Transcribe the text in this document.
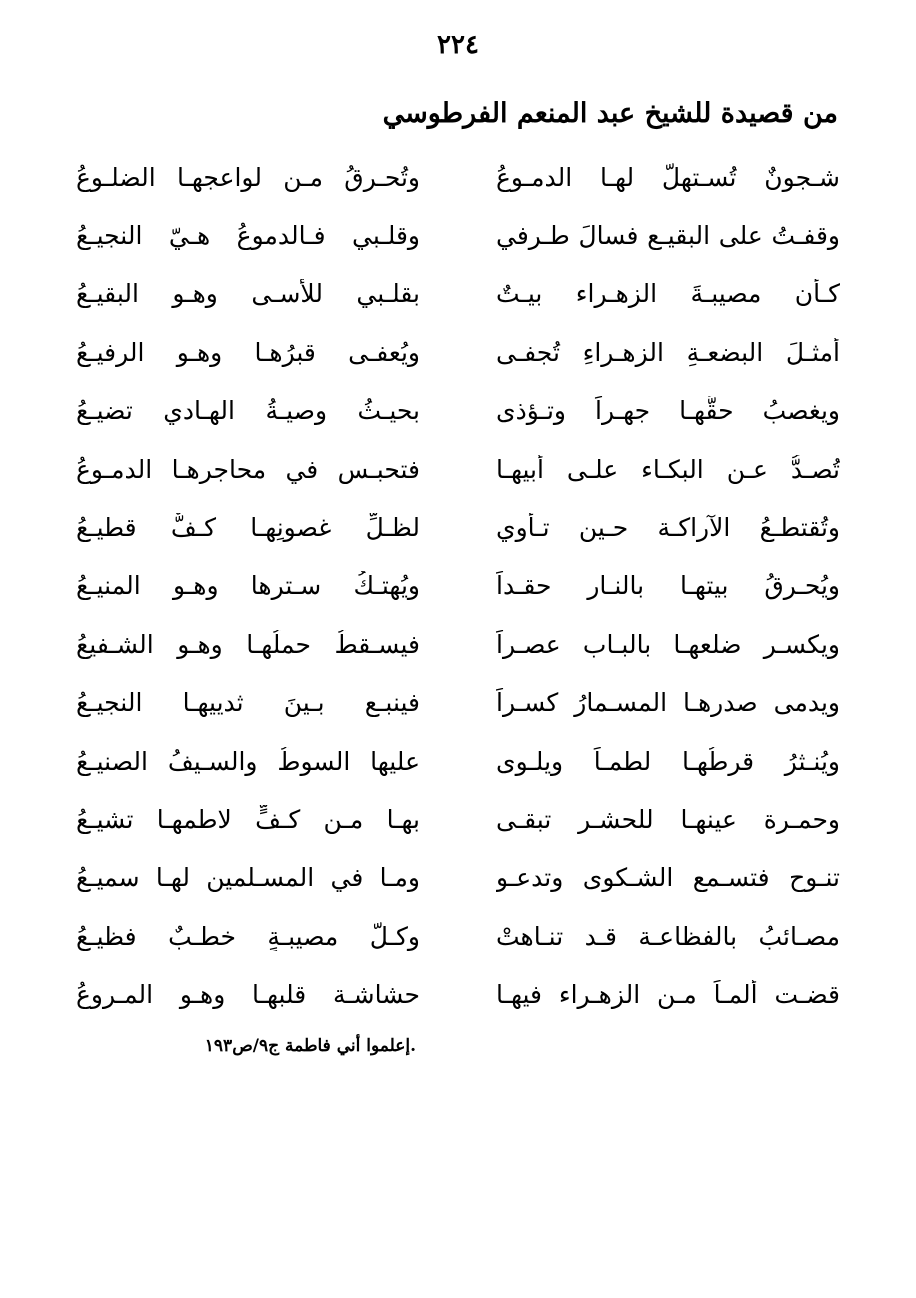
٢٢٤
من قصيدة للشيخ عبد المنعم الفرطوسي
شـجونٌ تُسـتهلُّ لهـا الدمـوعُ
وتُحـرقُ مـن لواعجهـا الضلـوعُ
وقفـتُ على البقيـع فسالَ طـرفي
وقلـبي فـالدموعُ هـيّ النجيـعُ
كـأن مصيبـةَ الزهـراء بيـتٌ
بقلـبي للأسـى وهـو البقيـعُ
أمثـلَ البضعـةِ الزهـراءِ تُجفـى
ويُعفـى قبرُهـا وهـو الرفيـعُ
ويغصبُ حقُّهـا جهـراً وتـؤذى
بحيـثُ وصيـةُ الهـادي تضيـعُ
تُصـدُّ عـن البكـاء علـى أبيهـا
فتحبـس في محاجرهـا الدمـوعُ
وتُقتطـعُ الآراكـة حـين تـأوي
لظـلِّ غصونِهـا كـفٌّ قطيـعُ
ويُحـرقُ بيتهـا بالنـار حقـداً
ويُهتـكُ سـترها وهـو المنيـعُ
ويكسـر ضلعهـا بالبـاب عصـراً
فيسـقطُ حملُهـا وهـو الشـفيعُ
ويدمى صدرهـا المسـمارُ كسـراً
فينبـع بـينَ ثدييهـا النجيـعُ
ويُنـثرُ قرطُهـا لطمـاً ويلـوى
عليها السوطُ والسـيفُ الصنيـعُ
وحمـرة عينهـا للحشـر تبقـى
بهـا مـن كـفٍّ لاطمهـا تشيـعُ
تنـوح فتسـمع الشـكوى وتدعـو
ومـا في المسـلمين لهـا سميـعُ
مصـائبُ بالفظاعـة قـد تنـاهتْ
وكـلُّ مصيبـةٍ خطـبٌ فظيـعُ
قضـت ألمـاً مـن الزهـراء فيهـا
حشاشـة قلبهـا وهـو المـروعُ
.إعلموا أني فاطمة ج٩/ص١٩٣
